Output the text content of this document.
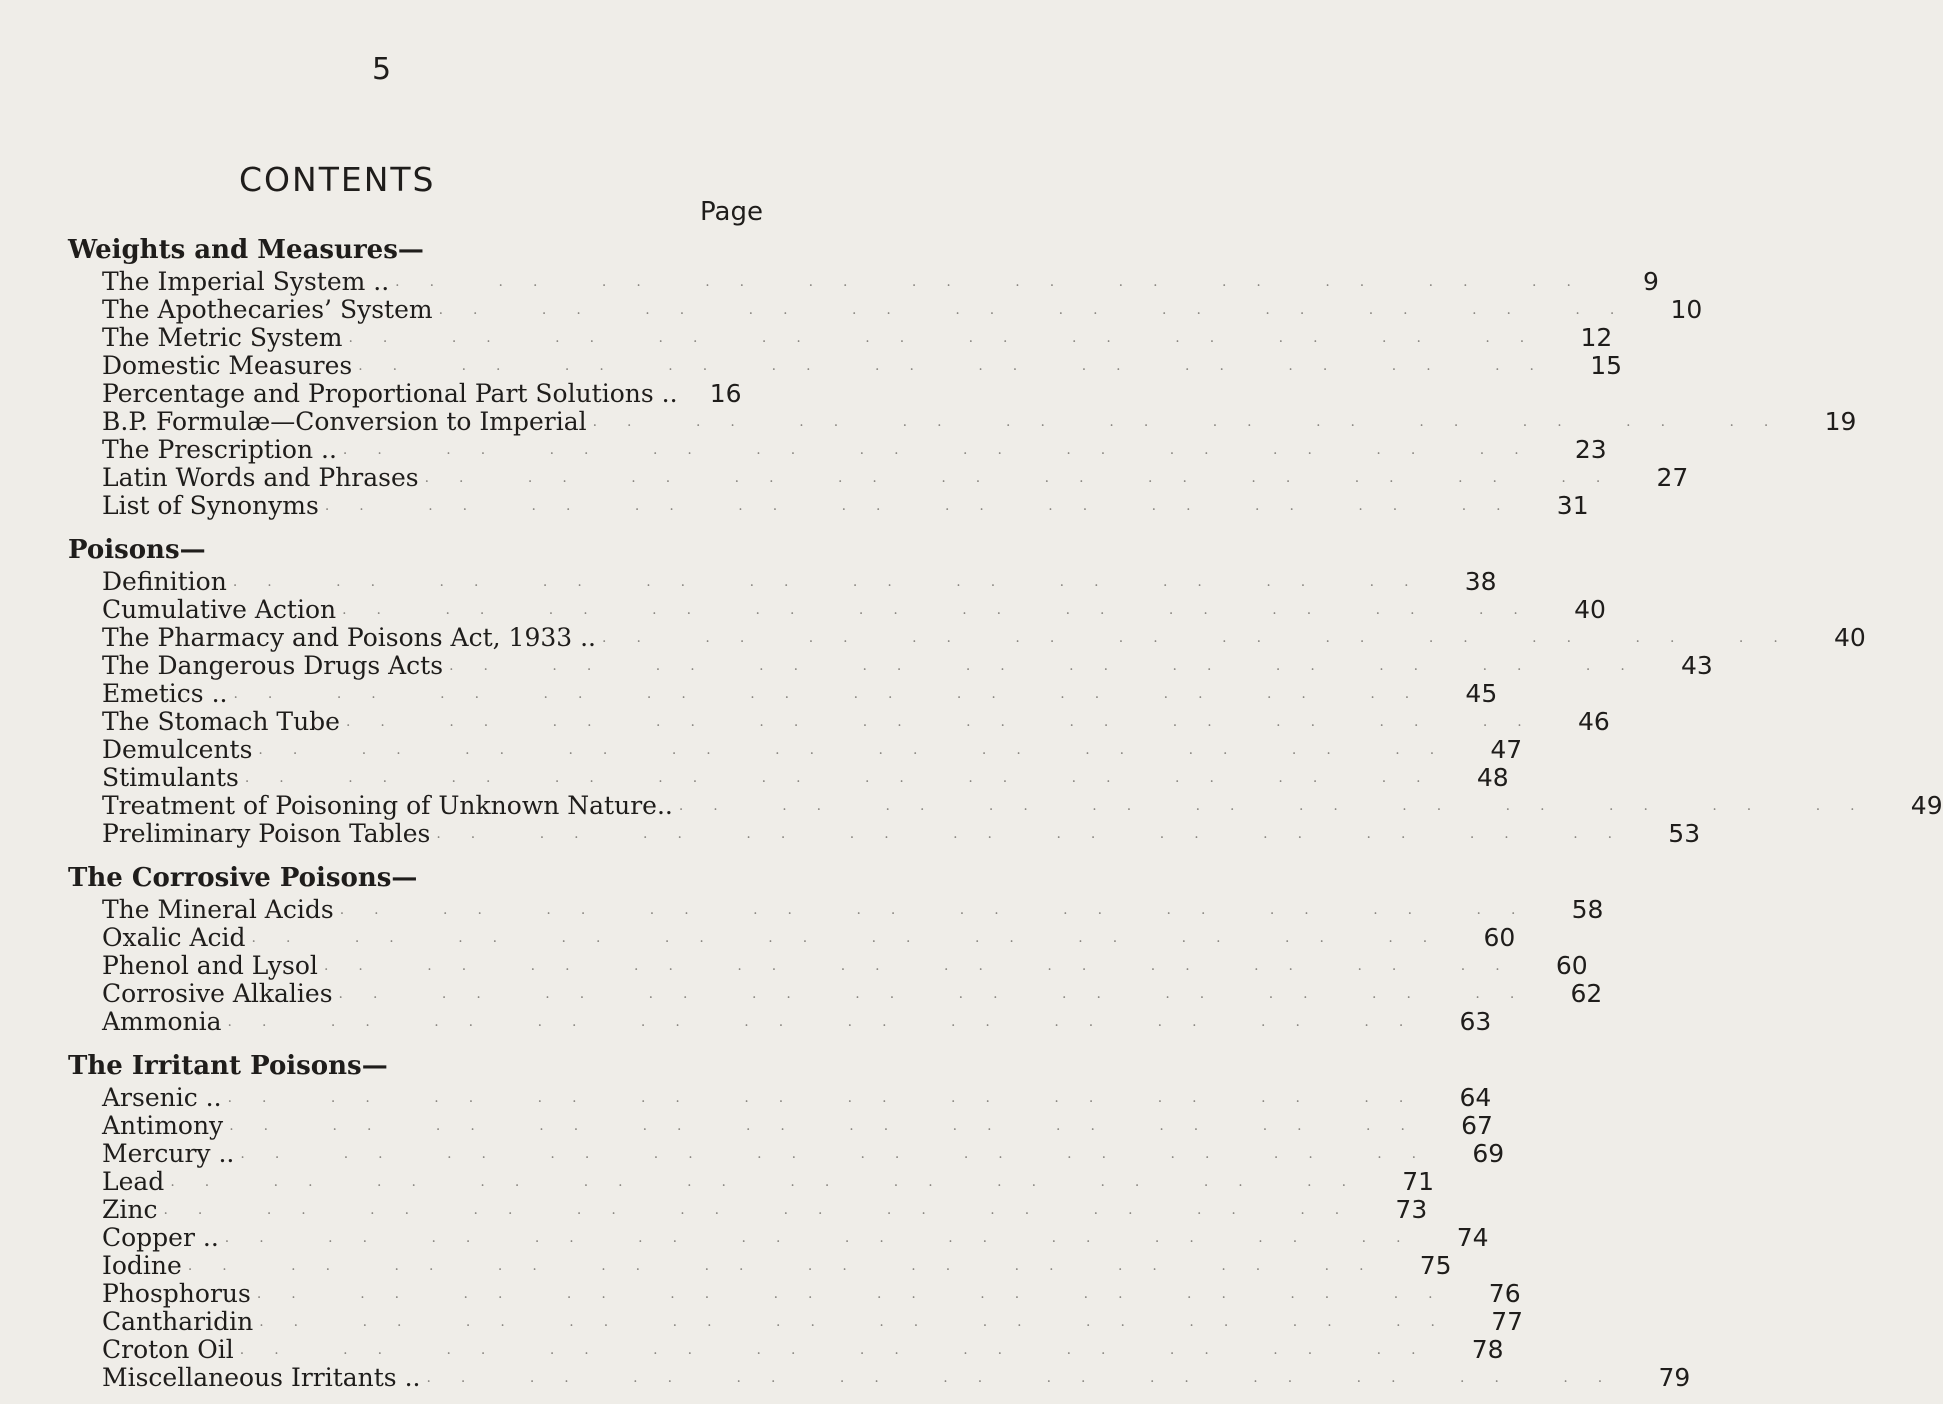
5
CONTENTS
Page
Weights and Measures—
The Imperial System .. ·· ·· ·· ·· ·· ·· ·· ·· ·· ·· ·· ··	9
The Apothecaries’ System ·· ·· ·· ·· ·· ·· ·· ·· ·· ·· ·· ··	10
The Metric System ·· ·· ·· ·· ·· ·· ·· ·· ·· ·· ·· ··	12
Domestic Measures ·· ·· ·· ·· ·· ·· ·· ·· ·· ·· ·· ··	15
Percentage and Proportional Part Solutions ..	16
B.P. Formulæ—Conversion to Imperial ·· ·· ·· ·· ·· ·· ·· ·· ·· ·· ·· ··	19
The Prescription .. ·· ·· ·· ·· ·· ·· ·· ·· ·· ·· ·· ··	23
Latin Words and Phrases ·· ·· ·· ·· ·· ·· ·· ·· ·· ·· ·· ··	27
List of Synonyms ·· ·· ·· ·· ·· ·· ·· ·· ·· ·· ·· ··	31
Poisons—
Definition ·· ·· ·· ·· ·· ·· ·· ·· ·· ·· ·· ··	38
Cumulative Action ·· ·· ·· ·· ·· ·· ·· ·· ·· ·· ·· ··	40
The Pharmacy and Poisons Act, 1933 .. ·· ·· ·· ·· ·· ·· ·· ·· ·· ·· ·· ··	40
The Dangerous Drugs Acts ·· ·· ·· ·· ·· ·· ·· ·· ·· ·· ·· ··	43
Emetics .. ·· ·· ·· ·· ·· ·· ·· ·· ·· ·· ·· ··	45
The Stomach Tube ·· ·· ·· ·· ·· ·· ·· ·· ·· ·· ·· ··	46
Demulcents ·· ·· ·· ·· ·· ·· ·· ·· ·· ·· ·· ··	47
Stimulants ·· ·· ·· ·· ·· ·· ·· ·· ·· ·· ·· ··	48
Treatment of Poisoning of Unknown Nature.. ·· ·· ·· ·· ·· ·· ·· ·· ·· ·· ·· ··	49
Preliminary Poison Tables ·· ·· ·· ·· ·· ·· ·· ·· ·· ·· ·· ··	53
The Corrosive Poisons—
The Mineral Acids ·· ·· ·· ·· ·· ·· ·· ·· ·· ·· ·· ··	58
Oxalic Acid ·· ·· ·· ·· ·· ·· ·· ·· ·· ·· ·· ··	60
Phenol and Lysol ·· ·· ·· ·· ·· ·· ·· ·· ·· ·· ·· ··	60
Corrosive Alkalies ·· ·· ·· ·· ·· ·· ·· ·· ·· ·· ·· ··	62
Ammonia ·· ·· ·· ·· ·· ·· ·· ·· ·· ·· ·· ··	63
The Irritant Poisons—
Arsenic .. ·· ·· ·· ·· ·· ·· ·· ·· ·· ·· ·· ··	64
Antimony ·· ·· ·· ·· ·· ·· ·· ·· ·· ·· ·· ··	67
Mercury .. ·· ·· ·· ·· ·· ·· ·· ·· ·· ·· ·· ··	69
Lead ·· ·· ·· ·· ·· ·· ·· ·· ·· ·· ·· ··	71
Zinc ·· ·· ·· ·· ·· ·· ·· ·· ·· ·· ·· ··	73
Copper .. ·· ·· ·· ·· ·· ·· ·· ·· ·· ·· ·· ··	74
Iodine ·· ·· ·· ·· ·· ·· ·· ·· ·· ·· ·· ··	75
Phosphorus ·· ·· ·· ·· ·· ·· ·· ·· ·· ·· ·· ··	76
Cantharidin ·· ·· ·· ·· ·· ·· ·· ·· ·· ·· ·· ··	77
Croton Oil ·· ·· ·· ·· ·· ·· ·· ·· ·· ·· ·· ··	78
Miscellaneous Irritants .. ·· ·· ·· ·· ·· ·· ·· ·· ·· ·· ·· ··	79
